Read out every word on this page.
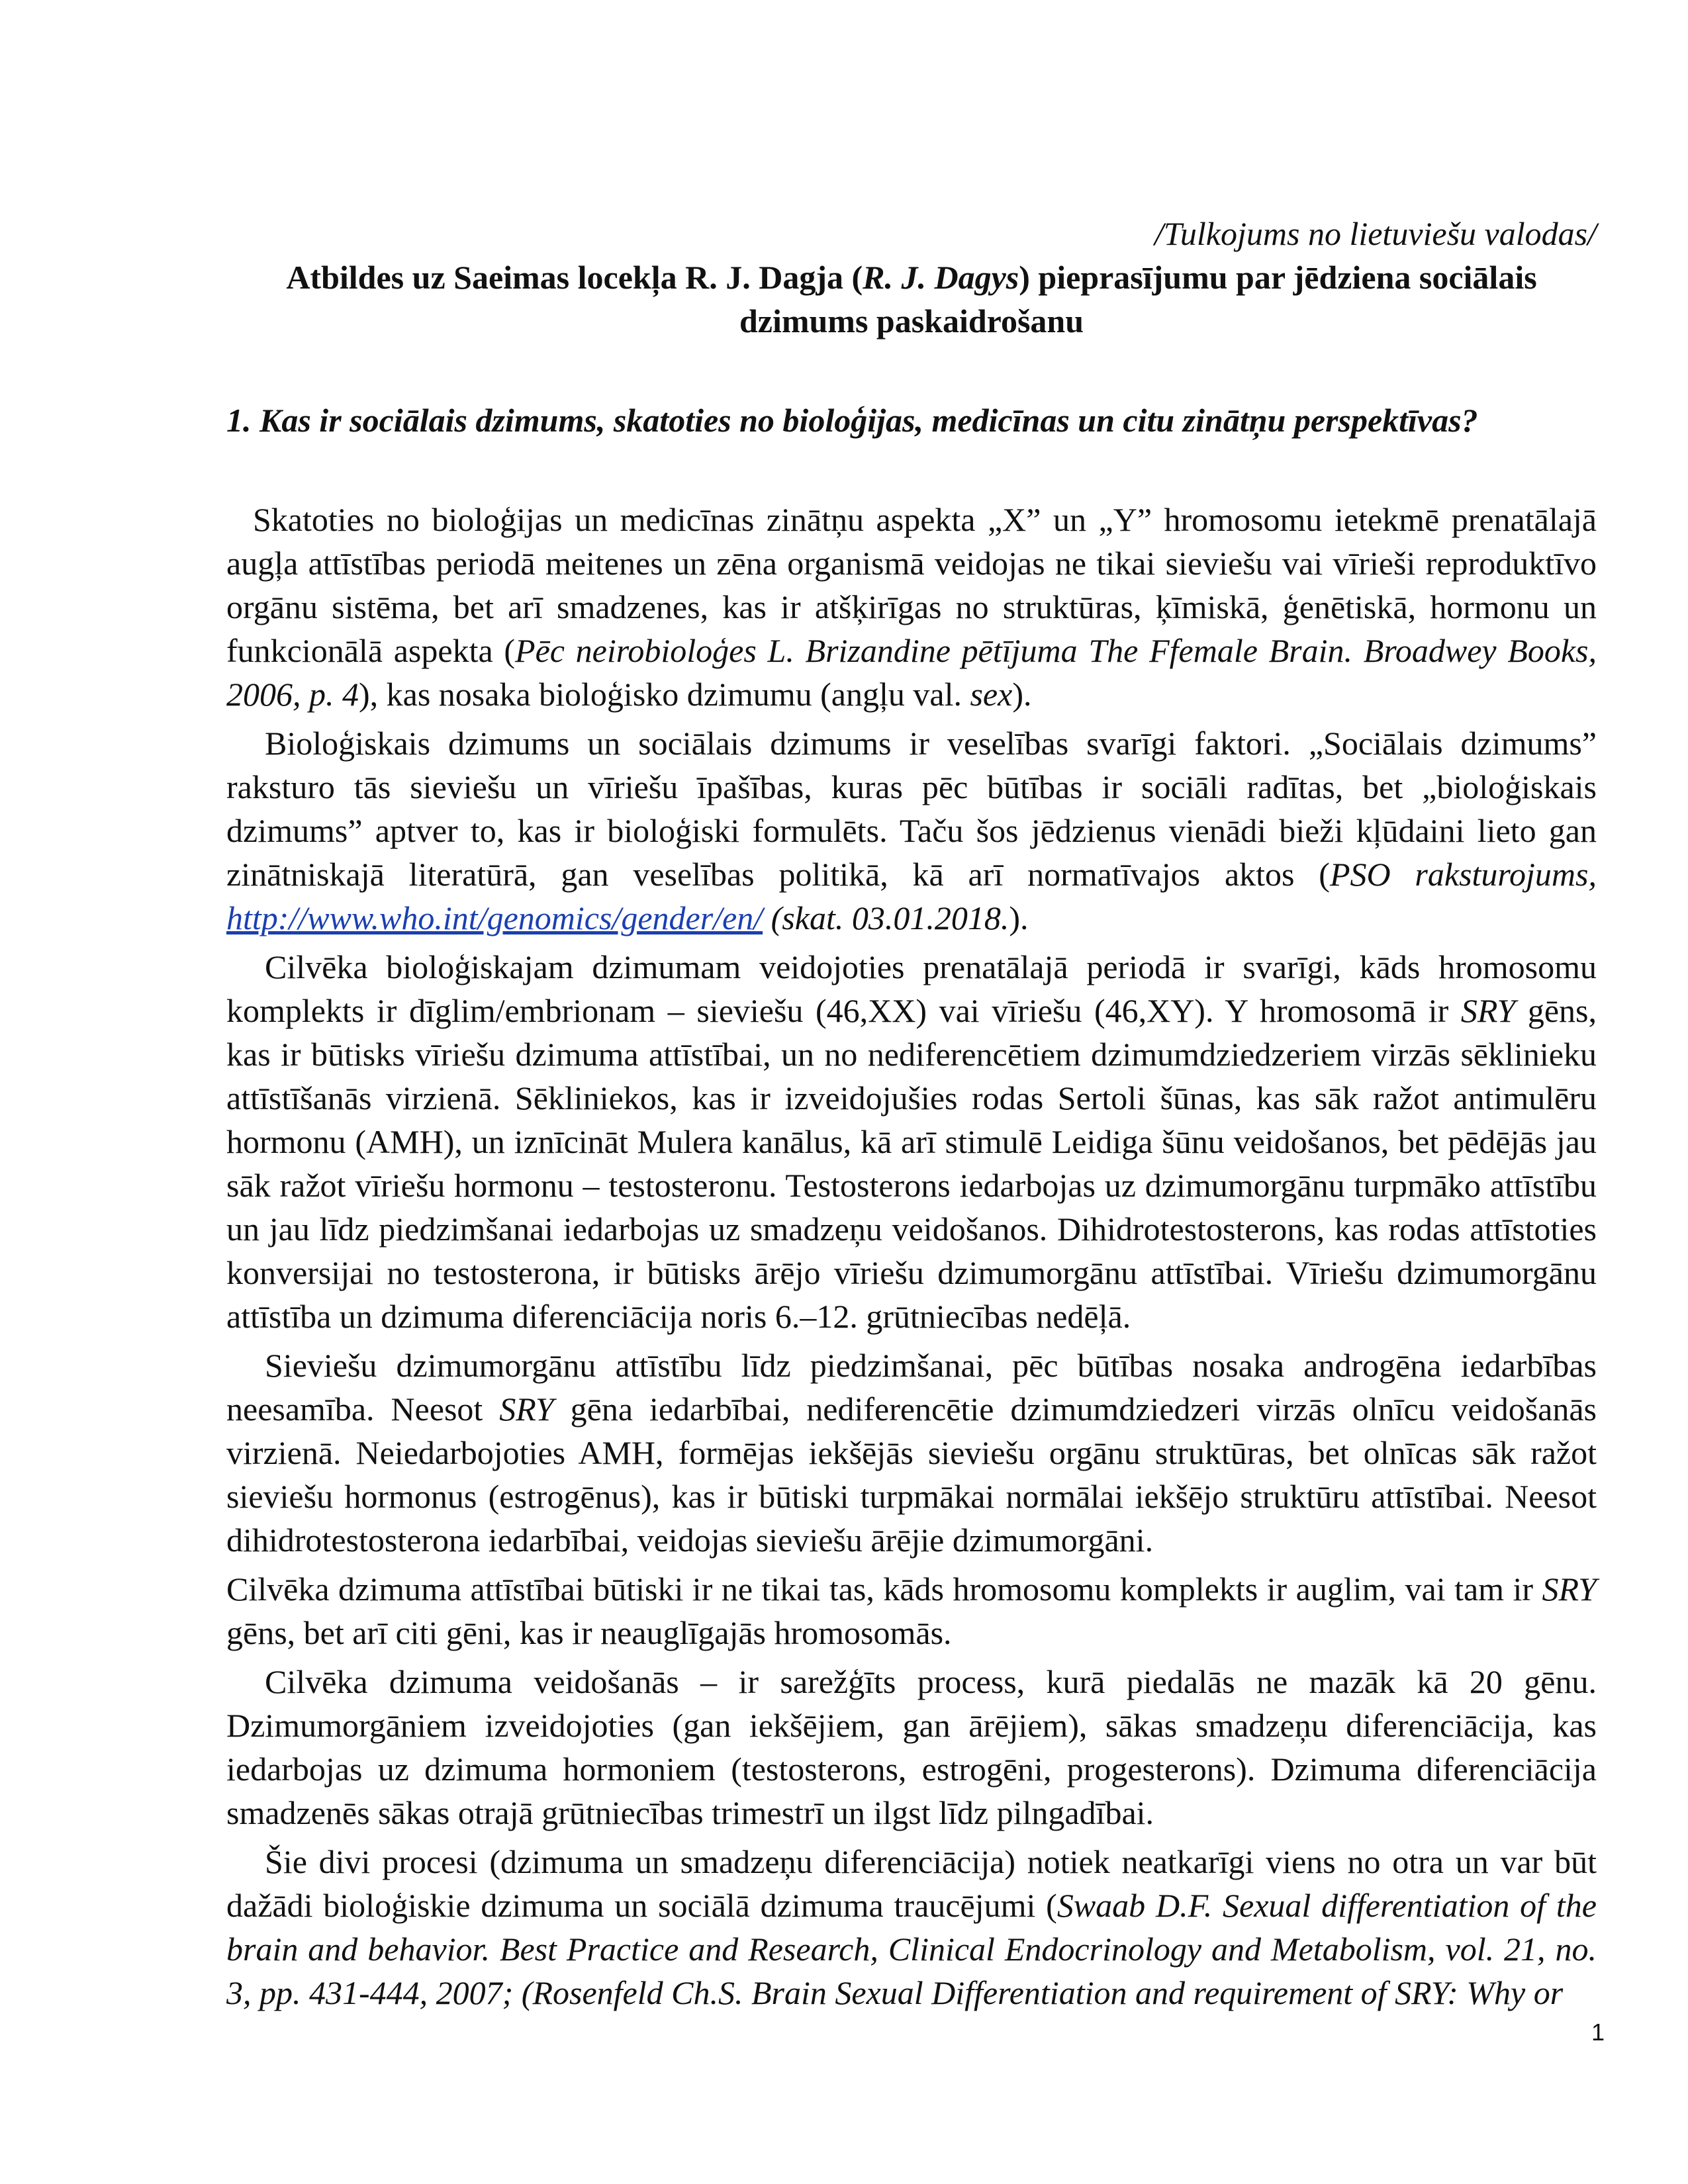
/Tulkojums no lietuviešu valodas/
Atbildes uz Saeimas locekļa R. J. Dagja (R. J. Dagys) pieprasījumu par jēdziena sociālais
dzimums paskaidrošanu
1. Kas ir sociālais dzimums, skatoties no bioloģijas, medicīnas un citu zinātņu perspektīvas?

Skatoties no bioloģijas un medicīnas zinātņu aspekta „X” un „Y” hromosomu ietekmē prenatālajā augļa attīstības periodā meitenes un zēna organismā veidojas ne tikai sieviešu vai vīrieši reproduktīvo orgānu sistēma, bet arī smadzenes, kas ir atšķirīgas no struktūras, ķīmiskā, ģenētiskā, hormonu un funkcionālā aspekta (Pēc neirobioloģes L. Brizandine pētījuma The Ffemale Brain. Broadwey Books, 2006, p. 4), kas nosaka bioloģisko dzimumu (angļu val. sex).

Bioloģiskais dzimums un sociālais dzimums ir veselības svarīgi faktori. „Sociālais dzimums” raksturo tās sieviešu un vīriešu īpašības, kuras pēc būtības ir sociāli radītas, bet „bioloģiskais dzimums” aptver to, kas ir bioloģiski formulēts. Taču šos jēdzienus vienādi bieži kļūdaini lieto gan zinātniskajā literatūrā, gan veselības politikā, kā arī normatīvajos aktos (PSO raksturojums, http://www.who.int/genomics/gender/en/ (skat. 03.01.2018.).

Cilvēka bioloģiskajam dzimumam veidojoties prenatālajā periodā ir svarīgi, kāds hromosomu komplekts ir dīglim/embrionam – sieviešu (46,XX) vai vīriešu (46,XY). Y hromosomā ir SRY gēns, kas ir būtisks vīriešu dzimuma attīstībai, un no nediferencētiem dzimumdziedzeriem virzās sēklinieku attīstīšanās virzienā. Sēkliniekos, kas ir izveidojušies rodas Sertoli šūnas, kas sāk ražot antimulēru hormonu (AMH), un iznīcināt Mulera kanālus, kā arī stimulē Leidiga šūnu veidošanos, bet pēdējās jau sāk ražot vīriešu hormonu – testosteronu. Testosterons iedarbojas uz dzimumorgānu turpmāko attīstību un jau līdz piedzimšanai iedarbojas uz smadzeņu veidošanos. Dihidrotestosterons, kas rodas attīstoties konversijai no testosterona, ir būtisks ārējo vīriešu dzimumorgānu attīstībai. Vīriešu dzimumorgānu attīstība un dzimuma diferenciācija noris 6.–12. grūtniecības nedēļā.

Sieviešu dzimumorgānu attīstību līdz piedzimšanai, pēc būtības nosaka androgēna iedarbības neesamība. Neesot SRY gēna iedarbībai, nediferencētie dzimumdziedzeri virzās olnīcu veidošanās virzienā. Neiedarbojoties AMH, formējas iekšējās sieviešu orgānu struktūras, bet olnīcas sāk ražot sieviešu hormonus (estrogēnus), kas ir būtiski turpmākai normālai iekšējo struktūru attīstībai. Neesot dihidrotestosterona iedarbībai, veidojas sieviešu ārējie dzimumorgāni.

Cilvēka dzimuma attīstībai būtiski ir ne tikai tas, kāds hromosomu komplekts ir auglim, vai tam ir SRY gēns, bet arī citi gēni, kas ir neauglīgajās hromosomās.

Cilvēka dzimuma veidošanās – ir sarežģīts process, kurā piedalās ne mazāk kā 20 gēnu. Dzimumorgāniem izveidojoties (gan iekšējiem, gan ārējiem), sākas smadzeņu diferenciācija, kas iedarbojas uz dzimuma hormoniem (testosterons, estrogēni, progesterons). Dzimuma diferenciācija smadzenēs sākas otrajā grūtniecības trimestrī un ilgst līdz pilngadībai.

Šie divi procesi (dzimuma un smadzeņu diferenciācija) notiek neatkarīgi viens no otra un var būt dažādi bioloģiskie dzimuma un sociālā dzimuma traucējumi (Swaab D.F. Sexual differentiation of the brain and behavior. Best Practice and Research, Clinical Endocrinology and Metabolism, vol. 21, no. 3, pp. 431-444, 2007; (Rosenfeld Ch.S. Brain Sexual Differentiation and requirement of SRY: Why or

1
